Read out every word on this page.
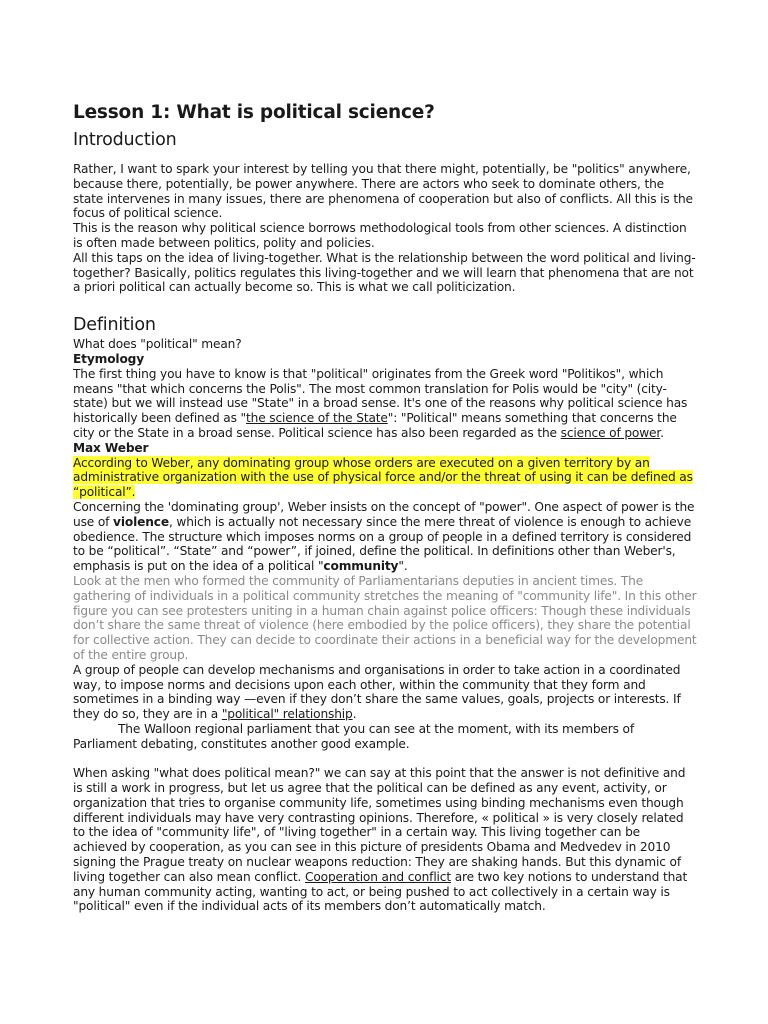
Lesson 1: What is political science?
Introduction

Rather, I want to spark your interest by telling you that there might, potentially, be "politics" anywhere, because there, potentially, be power anywhere. There are actors who seek to dominate others, the state intervenes in many issues, there are phenomena of cooperation but also of conflicts. All this is the focus of political science.

This is the reason why political science borrows methodological tools from other sciences. A distinction is often made between politics, polity and policies.

All this taps on the idea of living-together. What is the relationship between the word political and living-together? Basically, politics regulates this living-together and we will learn that phenomena that are not a priori political can actually become so. This is what we call politicization.

Definition

What does "political" mean?

Etymology

The first thing you have to know is that "political" originates from the Greek word "Politikos", which means "that which concerns the Polis". The most common translation for Polis would be "city" (city-state) but we will instead use "State" in a broad sense. It's one of the reasons why political science has historically been defined as "the science of the State": "Political" means something that concerns the city or the State in a broad sense. Political science has also been regarded as the science of power.

Max Weber

According to Weber, any dominating group whose orders are executed on a given territory by an administrative organization with the use of physical force and/or the threat of using it can be defined as “political”.

Concerning the 'dominating group', Weber insists on the concept of "power". One aspect of power is the use of violence, which is actually not necessary since the mere threat of violence is enough to achieve obedience. The structure which imposes norms on a group of people in a defined territory is considered to be “political”. “State” and “power”, if joined, define the political. In definitions other than Weber's, emphasis is put on the idea of a political "community".

Look at the men who formed the community of Parliamentarians deputies in ancient times. The gathering of individuals in a political community stretches the meaning of "community life". In this other figure you can see protesters uniting in a human chain against police officers: Though these individuals don’t share the same threat of violence (here embodied by the police officers), they share the potential for collective action. They can decide to coordinate their actions in a beneficial way for the development of the entire group.

A group of people can develop mechanisms and organisations in order to take action in a coordinated way, to impose norms and decisions upon each other, within the community that they form and sometimes in a binding way —even if they don’t share the same values, goals, projects or interests. If they do so, they are in a "political" relationship.

The Walloon regional parliament that you can see at the moment, with its members of Parliament debating, constitutes another good example.

When asking "what does political mean?" we can say at this point that the answer is not definitive and is still a work in progress, but let us agree that the political can be defined as any event, activity, or organization that tries to organise community life, sometimes using binding mechanisms even though different individuals may have very contrasting opinions. Therefore, « political » is very closely related to the idea of "community life", of "living together" in a certain way. This living together can be achieved by cooperation, as you can see in this picture of presidents Obama and Medvedev in 2010 signing the Prague treaty on nuclear weapons reduction: They are shaking hands. But this dynamic of living together can also mean conflict. Cooperation and conflict are two key notions to understand that any human community acting, wanting to act, or being pushed to act collectively in a certain way is "political" even if the individual acts of its members don’t automatically match.
